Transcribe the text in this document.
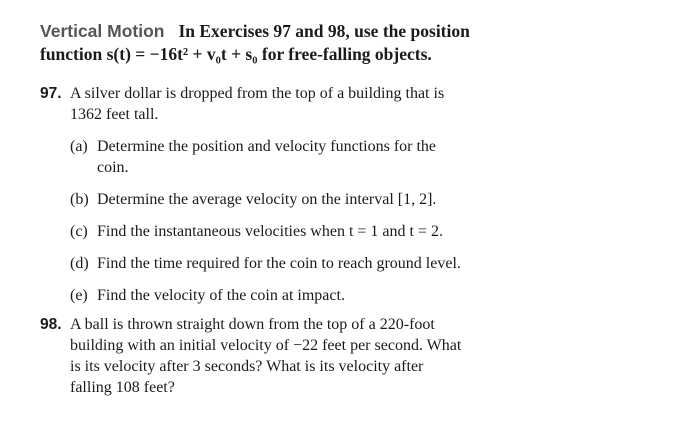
Vertical Motion In Exercises 97 and 98, use the position
function s(t) = −16t² + v₀t + s₀ for free-falling objects.
97. A silver dollar is dropped from the top of a building that is
1362 feet tall.
(a) Determine the position and velocity functions for the
coin.
(b) Determine the average velocity on the interval [1, 2].
(c) Find the instantaneous velocities when t = 1 and t = 2.
(d) Find the time required for the coin to reach ground level.
(e) Find the velocity of the coin at impact.
98. A ball is thrown straight down from the top of a 220-foot
building with an initial velocity of −22 feet per second. What
is its velocity after 3 seconds? What is its velocity after
falling 108 feet?
